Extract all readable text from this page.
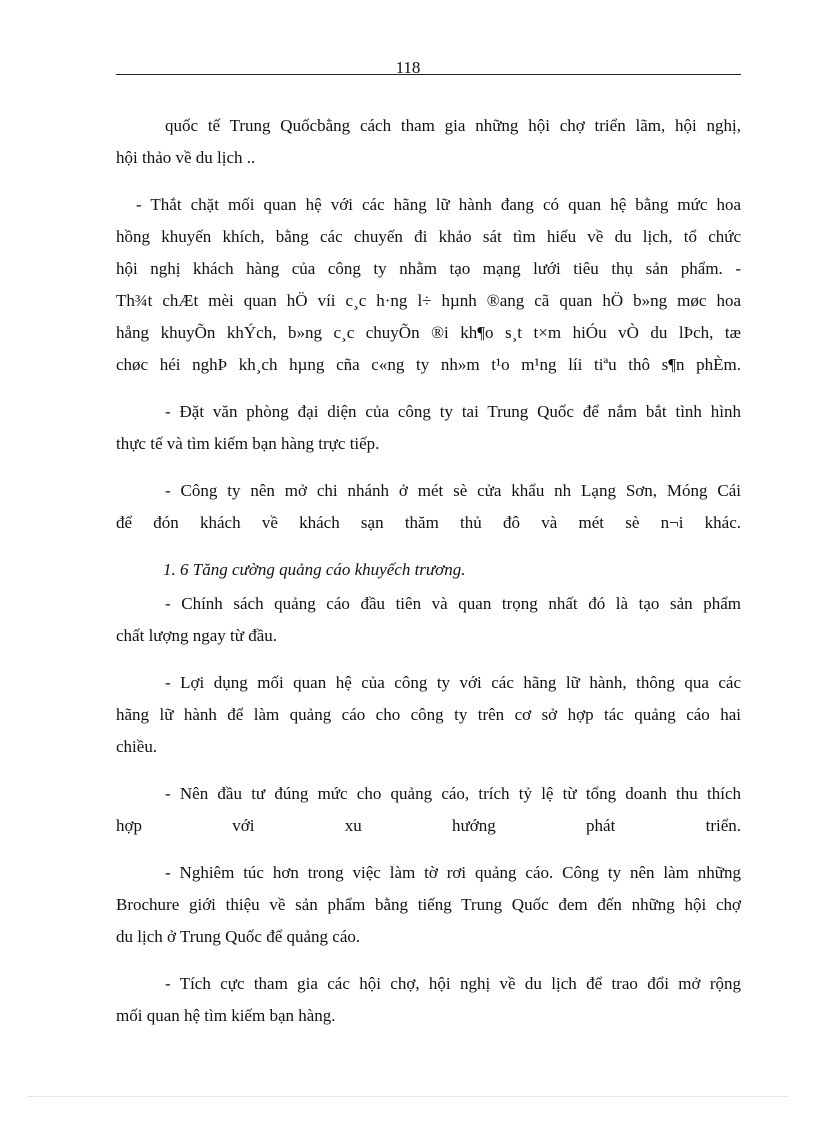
118

quốc tế Trung Quốcbằng cách tham gia những hội chợ triển lãm, hội nghị,
hội thảo về du lịch ..

- Thắt chặt mối quan hệ với các hãng lữ hành đang có quan hệ bằng mức hoa
hồng khuyến khích, bằng các chuyến đi khảo sát tìm hiểu về du lịch, tổ chức
hội nghị khách hàng của công ty nhằm tạo mạng lưới tiêu thụ sản phẩm. -
Th¾t chÆt mèi quan hÖ víi c¸c h·ng l÷ hµnh ®ang cã quan hÖ b»ng møc hoa
hång khuyÕn khÝch, b»ng c¸c chuyÕn ®i kh¶o s¸t t×m hiÓu vÒ du lÞch, tæ
chøc héi nghÞ kh¸ch hµng cña c«ng ty nh»m t¹o m¹ng líi tiªu thô s¶n phÈm.

- Đặt văn phòng đại diện của công ty tai Trung Quốc để nắm bắt tình hình
thực tế và tìm kiếm bạn hàng trực tiếp.

- Công ty nên mở chi nhánh ở mét sè cửa khẩu nh Lạng Sơn, Móng Cái
để đón khách về khách sạn thăm thủ đô và mét sè n¬i khác.

1. 6 Tăng cường quảng cáo khuyếch trương.

- Chính sách quảng cáo đầu tiên và quan trọng nhất đó là tạo sản phẩm
chất lượng ngay từ đầu.

- Lợi dụng mối quan hệ của công ty với các hãng lữ hành, thông qua các
hãng lữ hành để làm quảng cáo cho công ty trên cơ sở hợp tác quảng cáo hai
chiều.

- Nên đầu tư đúng mức cho quảng cáo, trích tỷ lệ từ tổng doanh thu thích
hợp với xu hướng phát triển.

- Nghiêm túc hơn trong việc làm tờ rơi quảng cáo. Công ty nên làm những
Brochure giới thiệu về sản phẩm bằng tiếng Trung Quốc đem đến những hội chợ
du lịch ở Trung Quốc để quảng cáo.

- Tích cực tham gia các hội chợ, hội nghị về du lịch để trao đổi mở rộng
mối quan hệ tìm kiếm bạn hàng.
